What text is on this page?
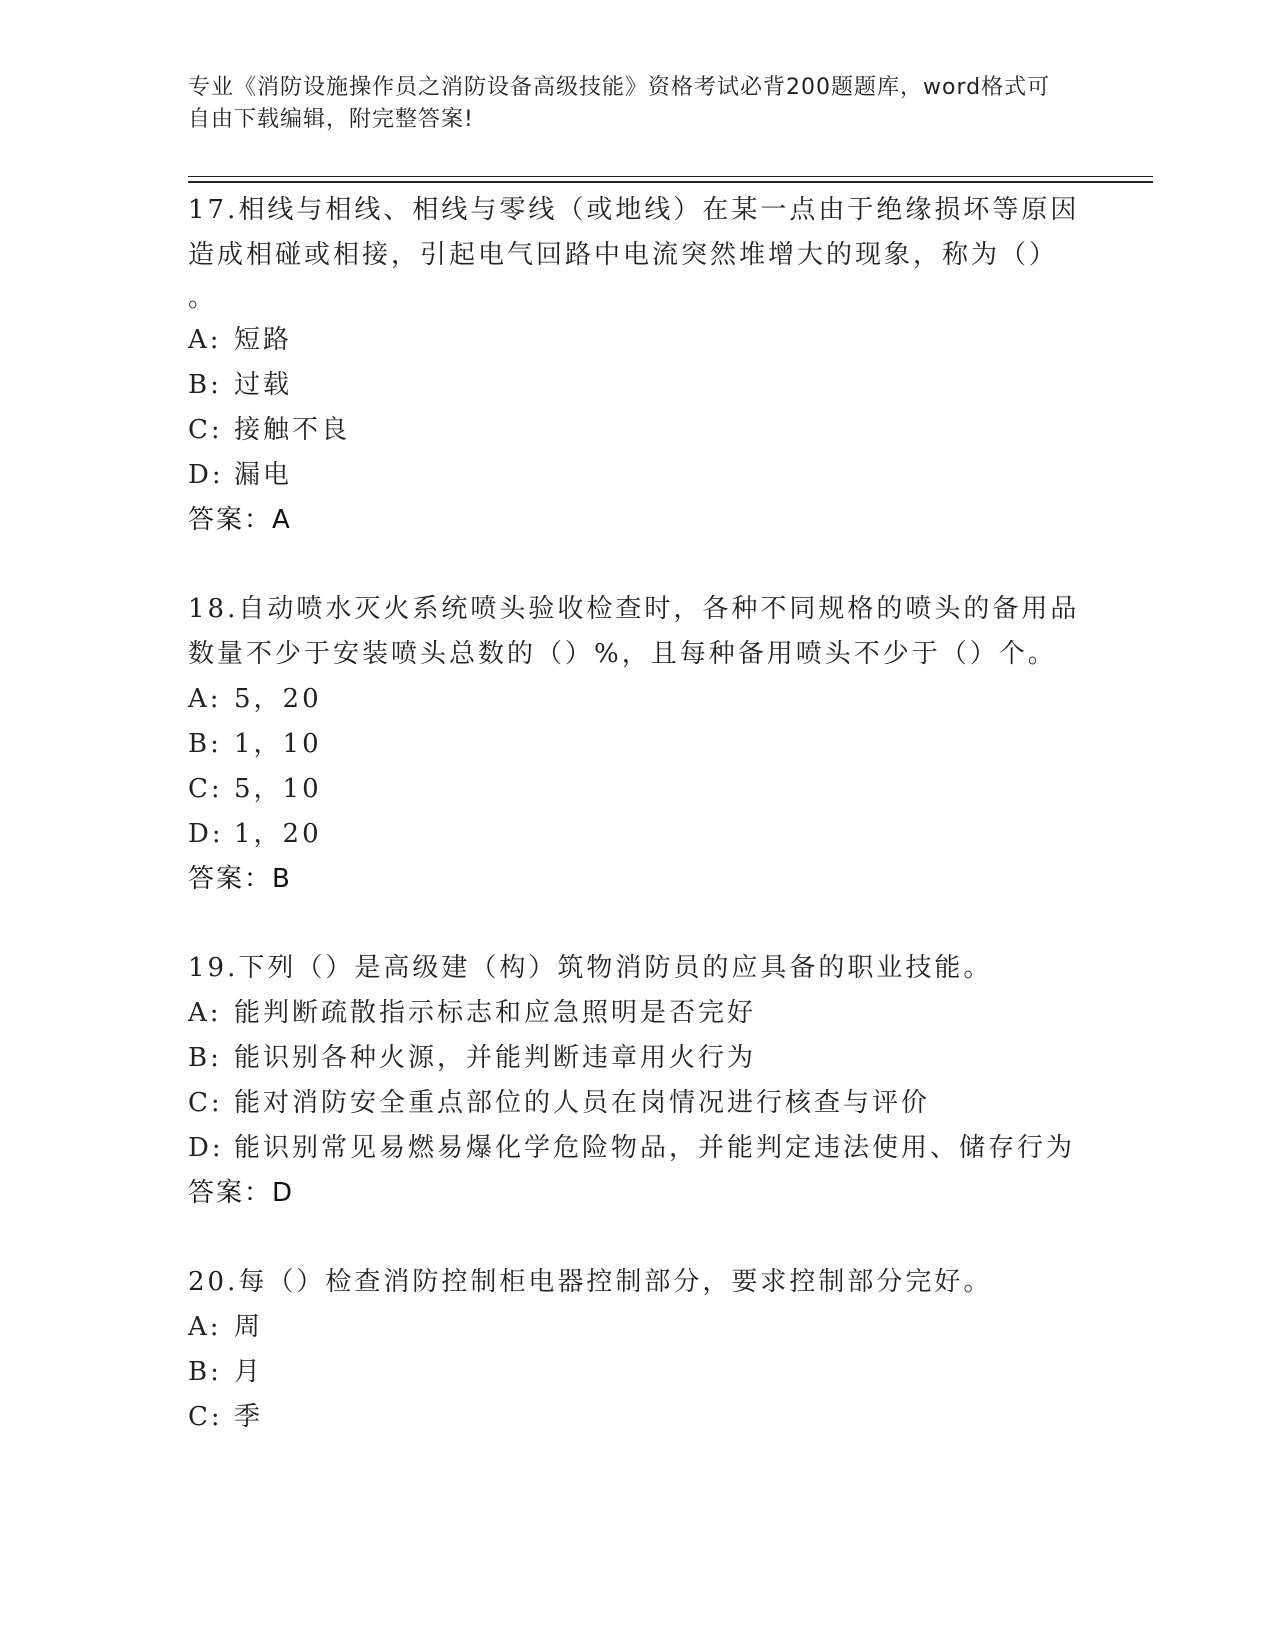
专业《消防设施操作员之消防设备高级技能》资格考试必背200题题库，word格式可自由下载编辑，附完整答案!
17.相线与相线、相线与零线（或地线）在某一点由于绝缘损坏等原因造成相碰或相接，引起电气回路中电流突然堆增大的现象，称为（）
。
A: 短路
B: 过载
C: 接触不良
D: 漏电
答案：A
18.自动喷水灭火系统喷头验收检查时，各种不同规格的喷头的备用品数量不少于安装喷头总数的（）%，且每种备用喷头不少于（）个。
A: 5，20
B: 1，10
C: 5，10
D: 1，20
答案：B
19.下列（）是高级建（构）筑物消防员的应具备的职业技能。
A: 能判断疏散指示标志和应急照明是否完好
B: 能识别各种火源，并能判断违章用火行为
C: 能对消防安全重点部位的人员在岗情况进行核查与评价
D: 能识别常见易燃易爆化学危险物品，并能判定违法使用、储存行为
答案：D
20.每（）检查消防控制柜电器控制部分，要求控制部分完好。
A: 周
B: 月
C: 季
